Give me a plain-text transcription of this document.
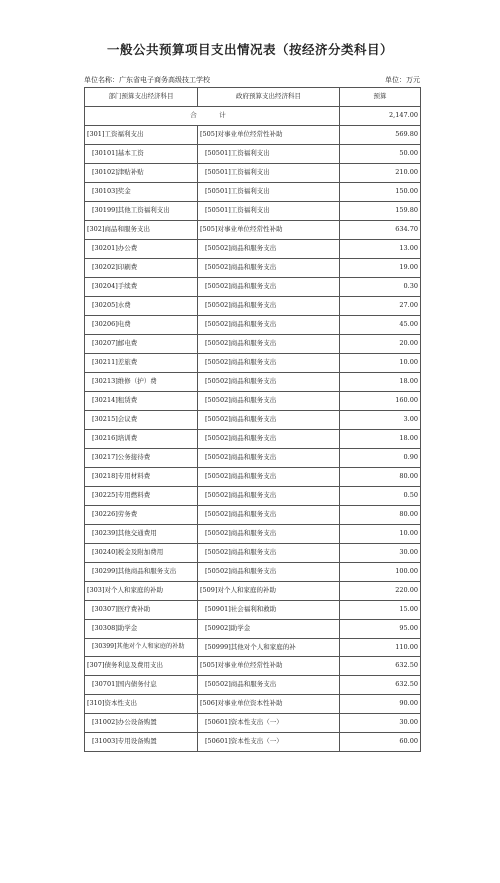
一般公共预算项目支出情况表（按经济分类科目）
单位名称：广东省电子商务高级技工学校	单位：万元
部门预算支出经济科目	政府预算支出经济科目	预算
合　计		2,147.00
[301]工资福利支出	[505]对事业单位经常性补助	569.80
[30101]基本工资	[50501]工资福利支出	50.00
[30102]津贴补贴	[50501]工资福利支出	210.00
[30103]奖金	[50501]工资福利支出	150.00
[30199]其他工资福利支出	[50501]工资福利支出	159.80
[302]商品和服务支出	[505]对事业单位经常性补助	634.70
[30201]办公费	[50502]商品和服务支出	13.00
[30202]印刷费	[50502]商品和服务支出	19.00
[30204]手续费	[50502]商品和服务支出	0.30
[30205]水费	[50502]商品和服务支出	27.00
[30206]电费	[50502]商品和服务支出	45.00
[30207]邮电费	[50502]商品和服务支出	20.00
[30211]差旅费	[50502]商品和服务支出	10.00
[30213]维修（护）费	[50502]商品和服务支出	18.00
[30214]租赁费	[50502]商品和服务支出	160.00
[30215]会议费	[50502]商品和服务支出	3.00
[30216]培训费	[50502]商品和服务支出	18.00
[30217]公务接待费	[50502]商品和服务支出	0.90
[30218]专用材料费	[50502]商品和服务支出	80.00
[30225]专用燃料费	[50502]商品和服务支出	0.50
[30226]劳务费	[50502]商品和服务支出	80.00
[30239]其他交通费用	[50502]商品和服务支出	10.00
[30240]税金及附加费用	[50502]商品和服务支出	30.00
[30299]其他商品和服务支出	[50502]商品和服务支出	100.00
[303]对个人和家庭的补助	[509]对个人和家庭的补助	220.00
[30307]医疗费补助	[50901]社会福利和救助	15.00
[30308]助学金	[50902]助学金	95.00
[30399]其他对个人和家庭的补助	[50999]其他对个人和家庭的补	110.00
[307]债务利息及费用支出	[505]对事业单位经常性补助	632.50
[30701]国内债务付息	[50502]商品和服务支出	632.50
[310]资本性支出	[506]对事业单位资本性补助	90.00
[31002]办公设备购置	[50601]资本性支出（一）	30.00
[31003]专用设备购置	[50601]资本性支出（一）	60.00
